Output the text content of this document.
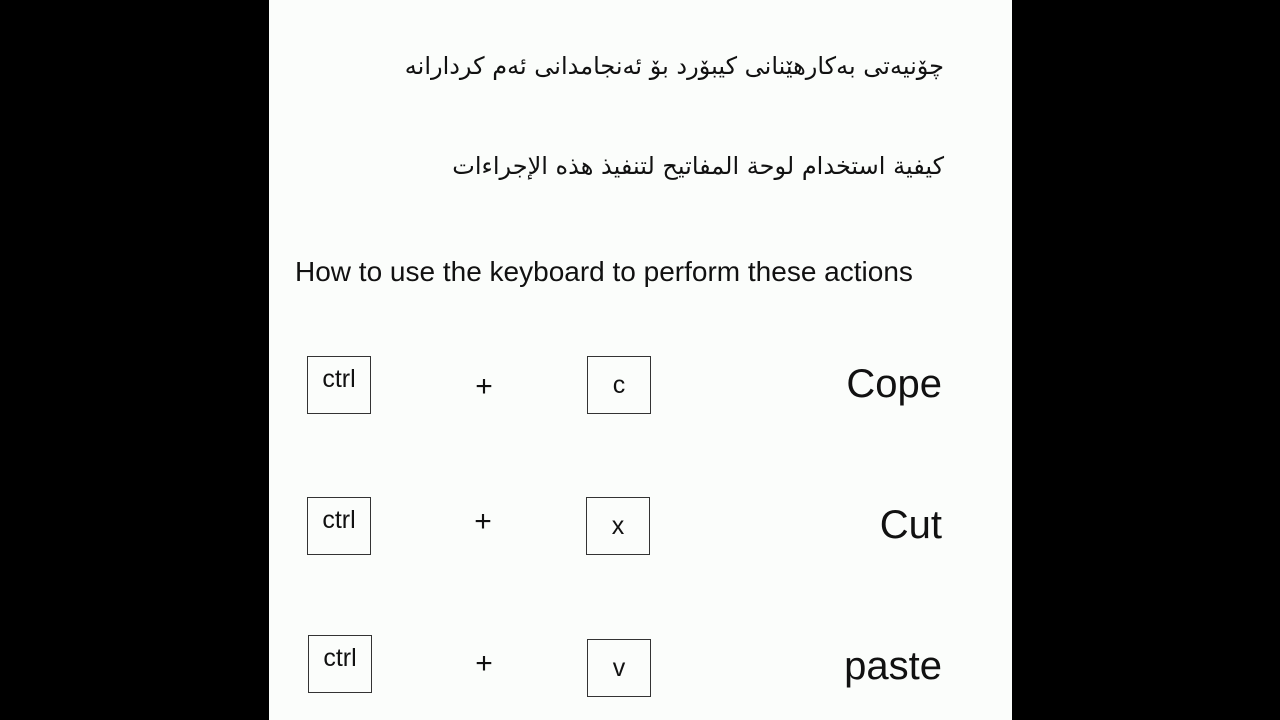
چۆنیەتی بەکارهێنانی کیبۆرد بۆ ئەنجامدانی ئەم کردارانە
كيفية استخدام لوحة المفاتيح لتنفيذ هذه الإجراءات
How to use the keyboard to perform these actions
ctrl	+	c	Cope
ctrl	+	x	Cut
ctrl	+	v	paste
